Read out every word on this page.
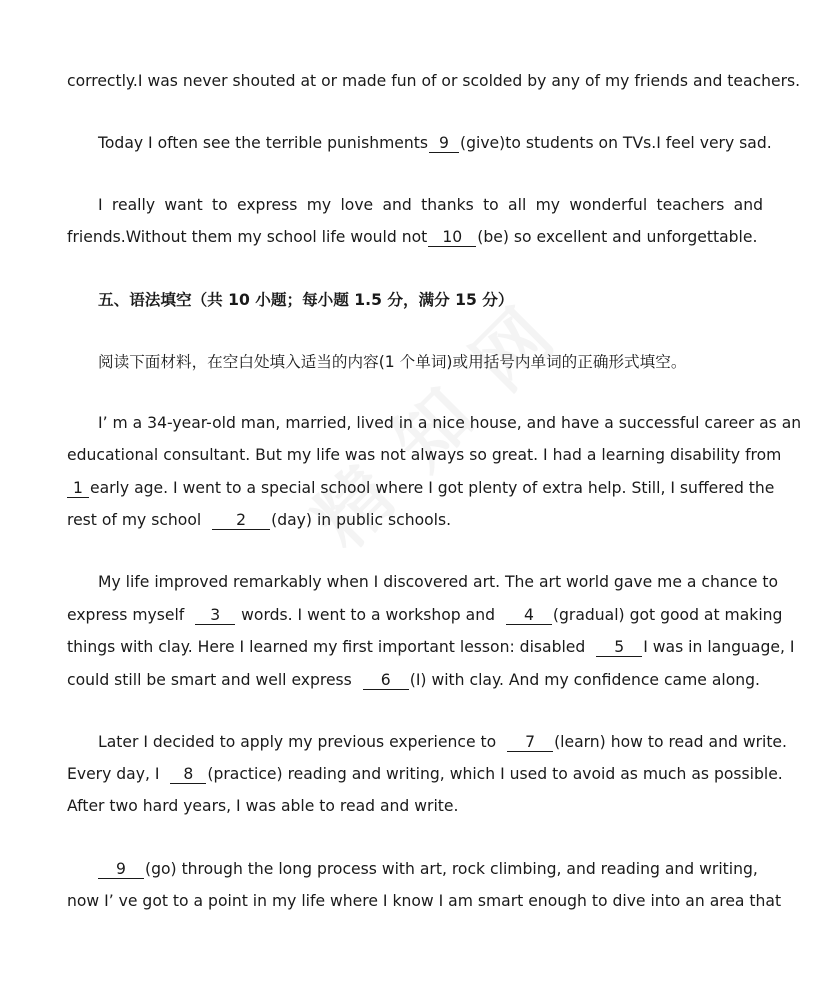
correctly.I was never shouted at or made fun of or scolded by any of my friends and teachers.
Today I often see the terrible punishments 9 (give)to students on TVs.I feel very sad.
I really want to express my love and thanks to all my wonderful teachers and
friends.Without them my school life would not 10 (be) so excellent and unforgettable.
五、语法填空（共 10 小题；每小题 1.5 分，满分 15 分）
阅读下面材料，在空白处填入适当的内容(1 个单词)或用括号内单词的正确形式填空。
I’ m a 34-year-old man, married, lived in a nice house, and have a successful career as an
educational consultant. But my life was not always so great. I had a learning disability from
1 early age. I went to a special school where I got plenty of extra help. Still, I suffered the
rest of my school 2 (day) in public schools.
My life improved remarkably when I discovered art. The art world gave me a chance to
express myself 3 words. I went to a workshop and 4 (gradual) got good at making
things with clay. Here I learned my first important lesson: disabled 5 I was in language, I
could still be smart and well express 6 (I) with clay. And my confidence came along.
Later I decided to apply my previous experience to 7 (learn) how to read and write.
Every day, I 8 (practice) reading and writing, which I used to avoid as much as possible.
After two hard years, I was able to read and write.
9 (go) through the long process with art, rock climbing, and reading and writing,
now I’ ve got to a point in my life where I know I am smart enough to dive into an area that
